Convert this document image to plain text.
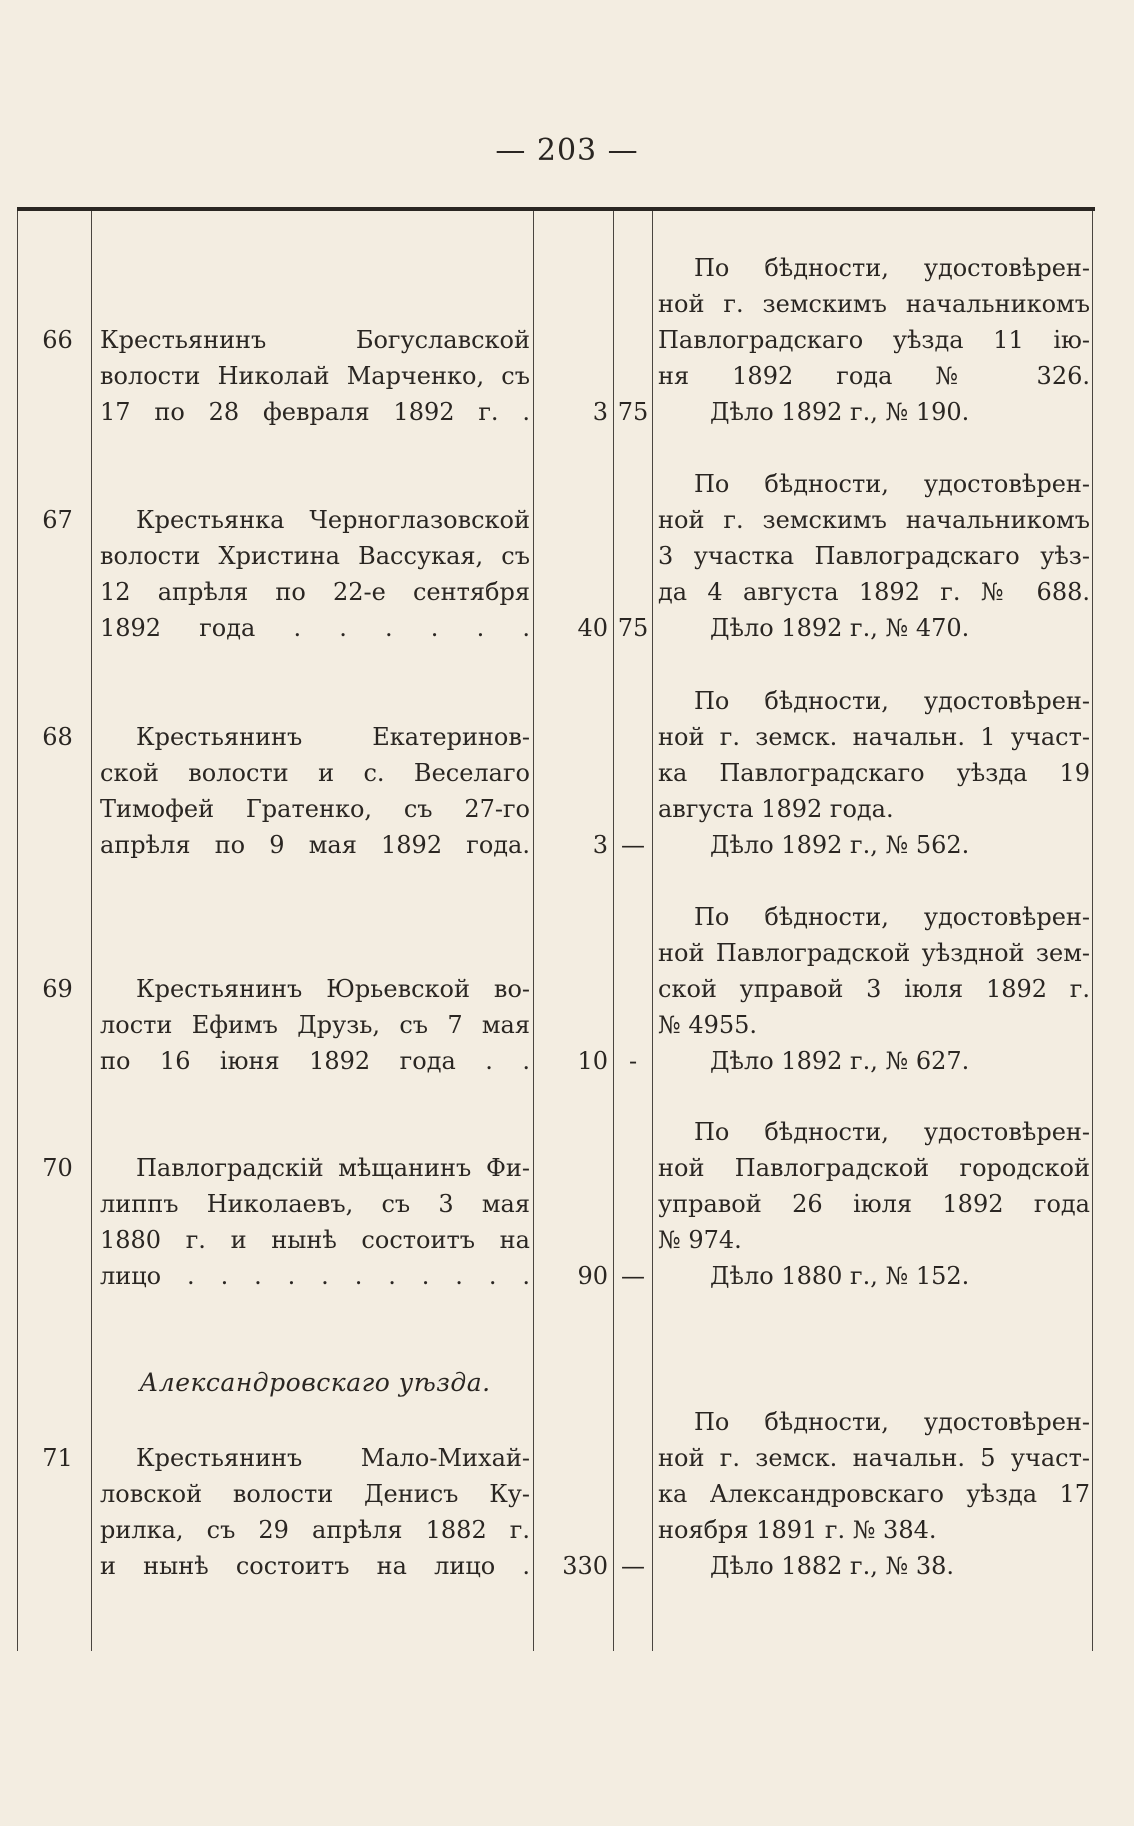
— 203 —
66	Крестьянинъ Богуславской
волости Николай Марченко, съ
17 по 28 февраля 1892 г. .	3 75
По бѣдности, удостовѣрен-
ной г. земскимъ начальникомъ
Павлоградскаго уѣзда 11 ію-
ня 1892 года № 326.
Дѣло 1892 г., № 190.
67	Крестьянка Черноглазовской
волости Христина Вассукая, съ
12 апрѣля по 22-е сентября
1892 года . . . . . .	40 75
По бѣдности, удостовѣрен-
ной г. земскимъ начальникомъ
3 участка Павлоградскаго уѣз-
да 4 августа 1892 г. № 688.
Дѣло 1892 г., № 470.
68	Крестьянинъ Екатеринов-
ской волости и с. Веселаго
Тимофей Гратенко, съ 27-го
апрѣля по 9 мая 1892 года.	3 —
По бѣдности, удостовѣрен-
ной г. земск. начальн. 1 участ-
ка Павлоградскаго уѣзда 19
августа 1892 года.
Дѣло 1892 г., № 562.
69	Крестьянинъ Юрьевской во-
лости Ефимъ Друзь, съ 7 мая
по 16 іюня 1892 года . .	10 -
По бѣдности, удостовѣрен-
ной Павлоградской уѣздной зем-
ской управой 3 іюля 1892 г.
№ 4955.
Дѣло 1892 г., № 627.
70	Павлоградскій мѣщанинъ Фи-
липпъ Николаевъ, съ 3 мая
1880 г. и нынѣ состоитъ на
лицо . . . . . . . . . . .	90 —
По бѣдности, удостовѣрен-
ной Павлоградской городской
управой 26 іюля 1892 года
№ 974.
Дѣло 1880 г., № 152.
Александровскаго уѣзда.
71	Крестьянинъ Мало-Михай-
ловской волости Денисъ Ку-
рилка, съ 29 апрѣля 1882 г.
и нынѣ состоитъ на лицо .	330 —
По бѣдности, удостовѣрен-
ной г. земск. начальн. 5 участ-
ка Александровскаго уѣзда 17
ноября 1891 г. № 384.
Дѣло 1882 г., № 38.
